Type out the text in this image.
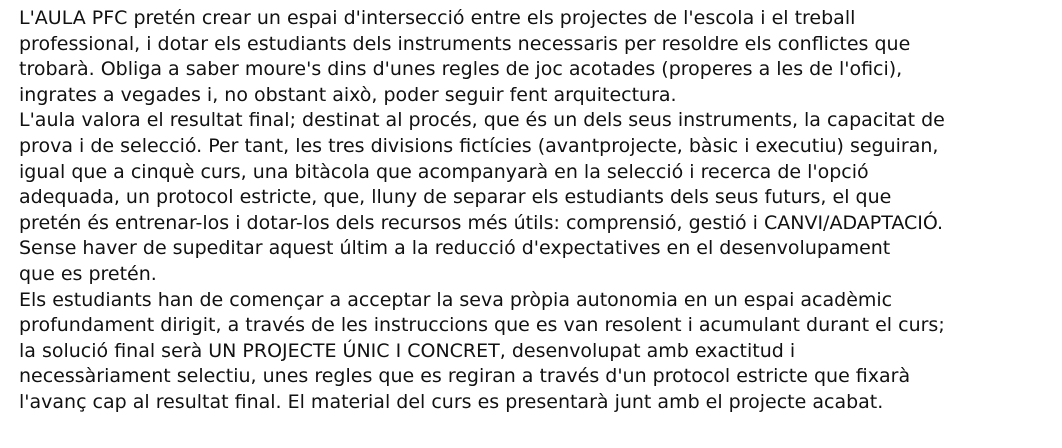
L'AULA PFC pretén crear un espai d'intersecció entre els projectes de l'escola i el treball
professional, i dotar els estudiants dels instruments necessaris per resoldre els conflictes que
trobarà. Obliga a saber moure's dins d'unes regles de joc acotades (properes a les de l'ofici),
ingrates a vegades i, no obstant això, poder seguir fent arquitectura.

L'aula valora el resultat final; destinat al procés, que és un dels seus instruments, la capacitat de
prova i de selecció. Per tant, les tres divisions fictícies (avantprojecte, bàsic i executiu) seguiran,
igual que a cinquè curs, una bitàcola que acompanyarà en la selecció i recerca de l'opció
adequada, un protocol estricte, que, lluny de separar els estudiants dels seus futurs, el que
pretén és entrenar-los i dotar-los dels recursos més útils: comprensió, gestió i CANVI/ADAPTACIÓ.
Sense haver de supeditar aquest últim a la reducció d'expectatives en el desenvolupament
que es pretén.

Els estudiants han de començar a acceptar la seva pròpia autonomia en un espai acadèmic
profundament dirigit, a través de les instruccions que es van resolent i acumulant durant el curs;
la solució final serà UN PROJECTE ÚNIC I CONCRET, desenvolupat amb exactitud i
necessàriament selectiu, unes regles que es regiran a través d'un protocol estricte que fixarà
l'avanç cap al resultat final. El material del curs es presentarà junt amb el projecte acabat.
